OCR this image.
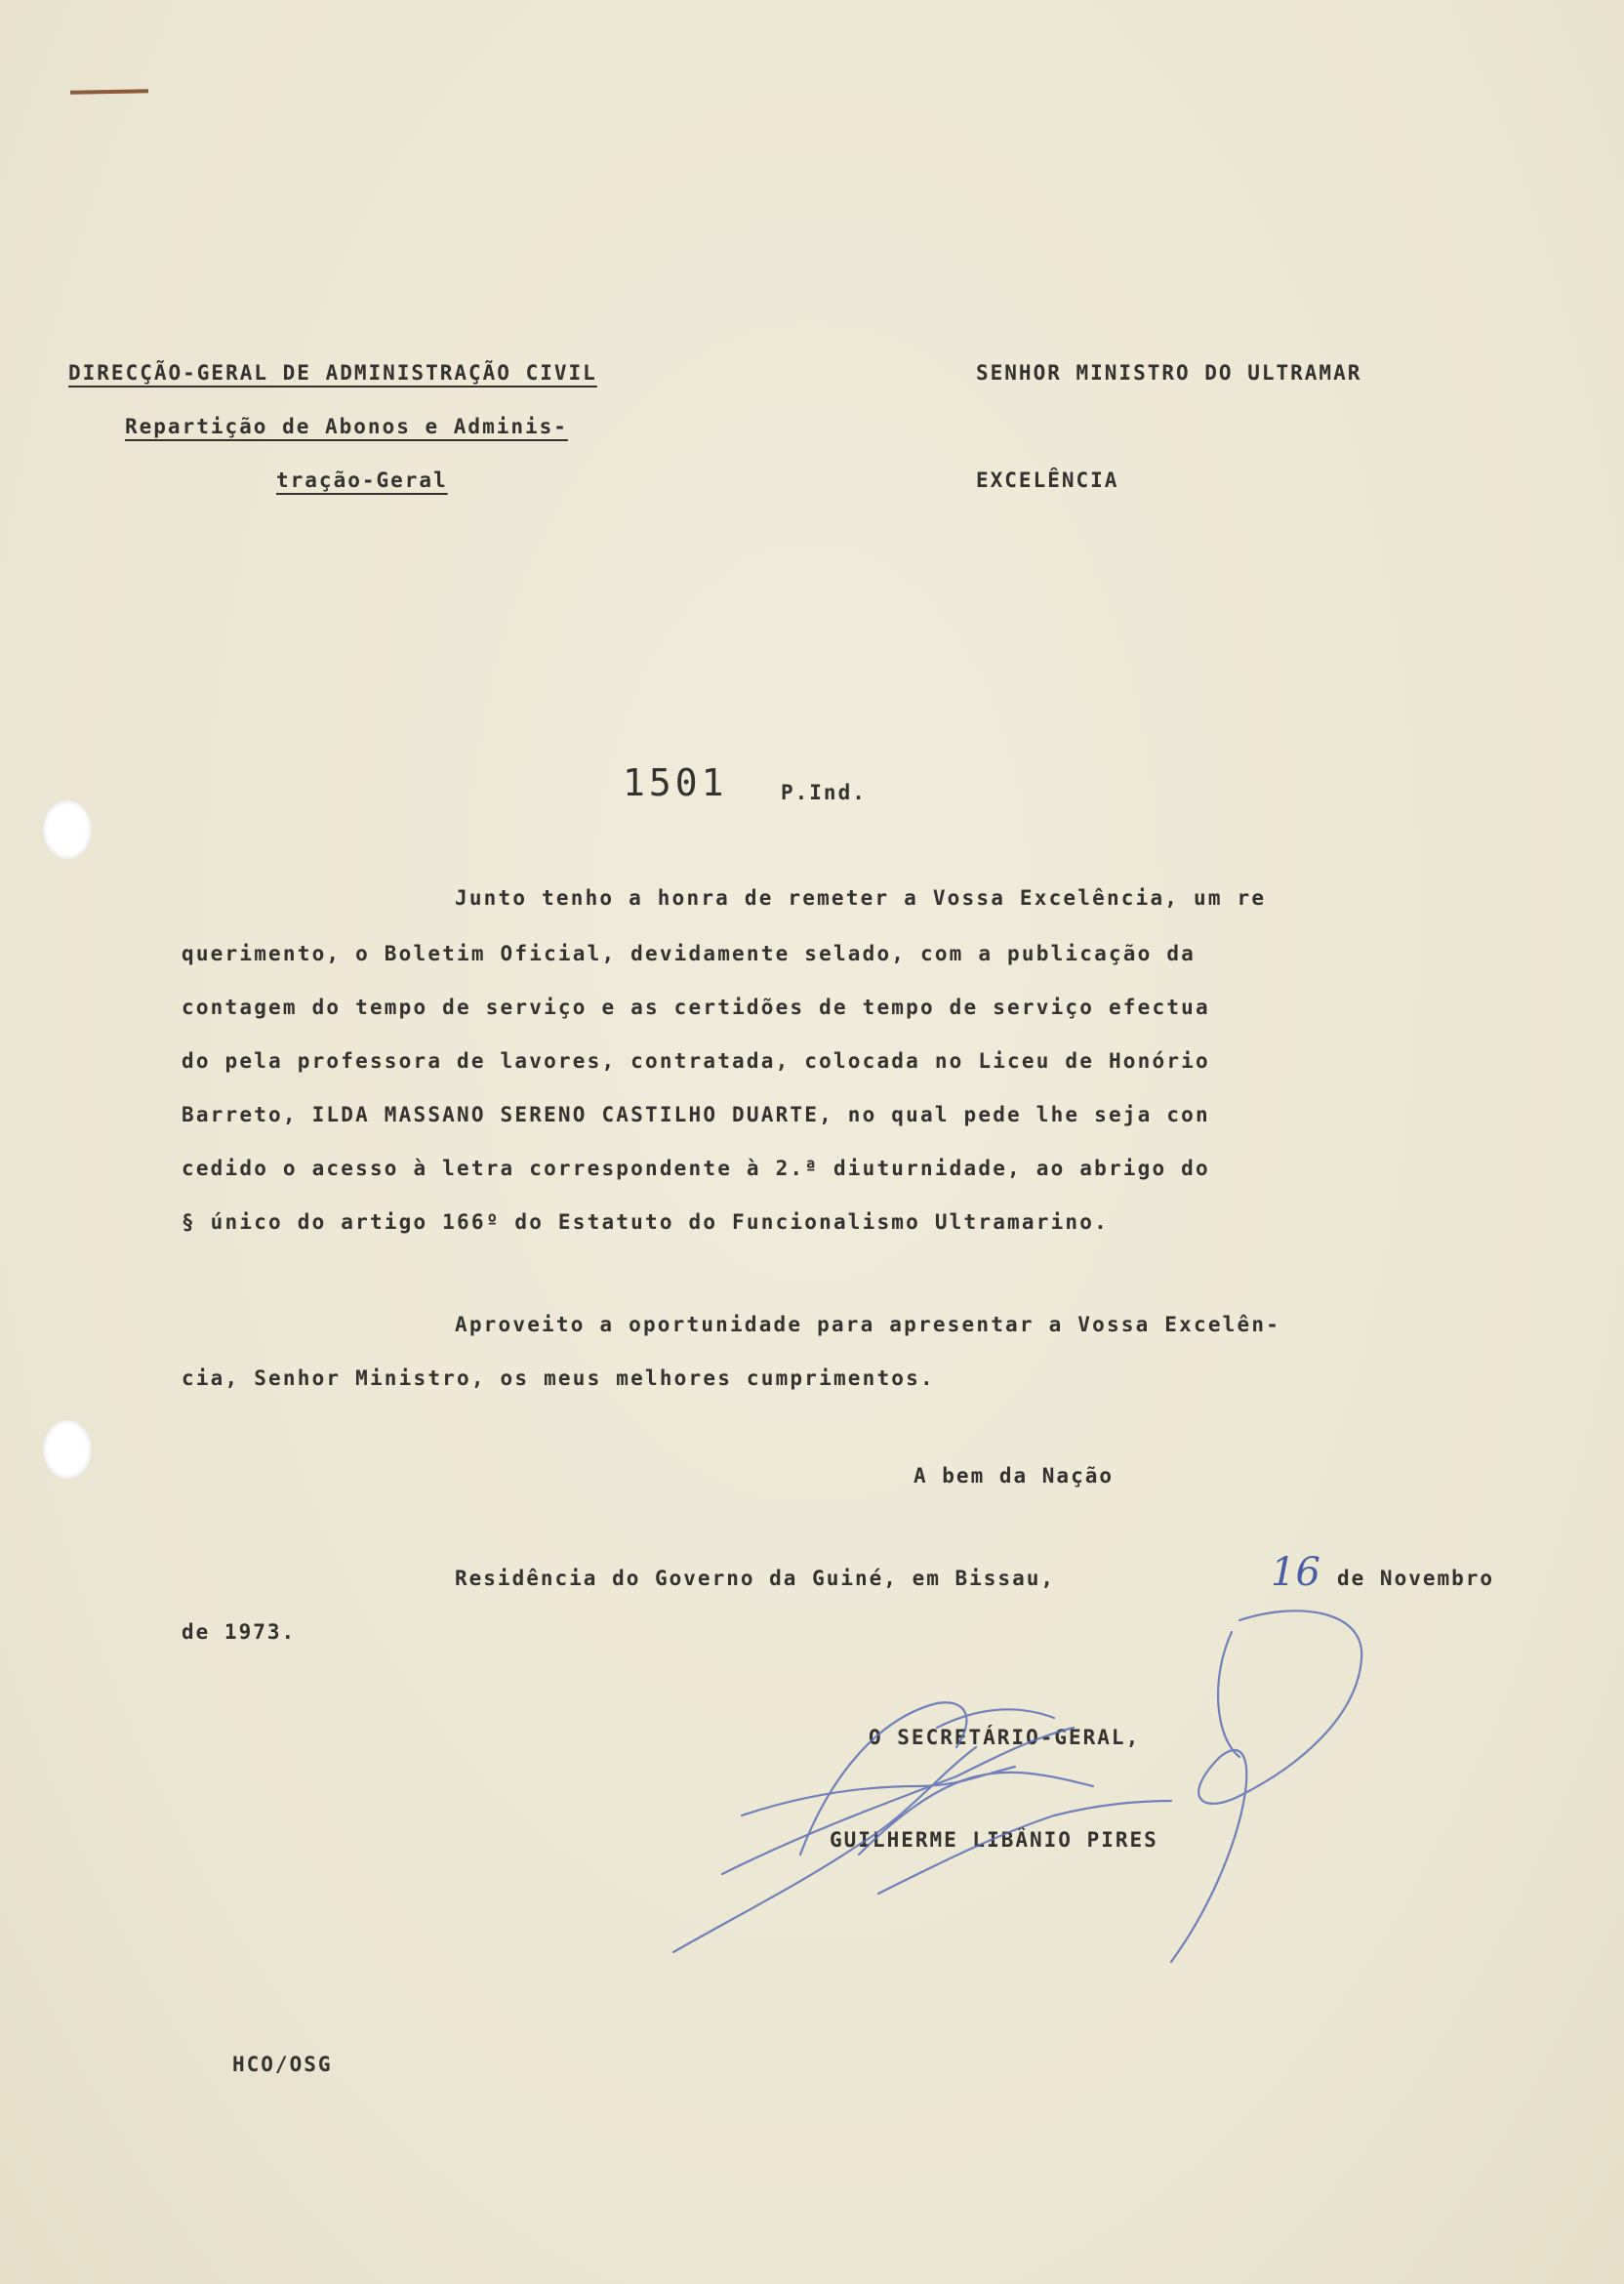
DIRECÇÃO-GERAL DE ADMINISTRAÇÃO CIVIL
Repartição de Abonos e Adminis-
tração-Geral
SENHOR MINISTRO DO ULTRAMAR
EXCELÊNCIA
1501	P.Ind.
Junto tenho a honra de remeter a Vossa Excelência, um re
querimento, o Boletim Oficial, devidamente selado, com a publicação da
contagem do tempo de serviço e as certidões de tempo de serviço efectua
do pela professora de lavores, contratada, colocada no Liceu de Honório
Barreto, ILDA MASSANO SERENO CASTILHO DUARTE, no qual pede lhe seja con
cedido o acesso à letra correspondente à 2.ª diuturnidade, ao abrigo do
§ único do artigo 166º do Estatuto do Funcionalismo Ultramarino.
Aproveito a oportunidade para apresentar a Vossa Excelên-
cia, Senhor Ministro, os meus melhores cumprimentos.
A bem da Nação
Residência do Governo da Guiné, em Bissau,	16 de Novembro
de 1973.
O SECRETÁRIO-GERAL,
GUILHERME LIBÂNIO PIRES
HCO/OSG
